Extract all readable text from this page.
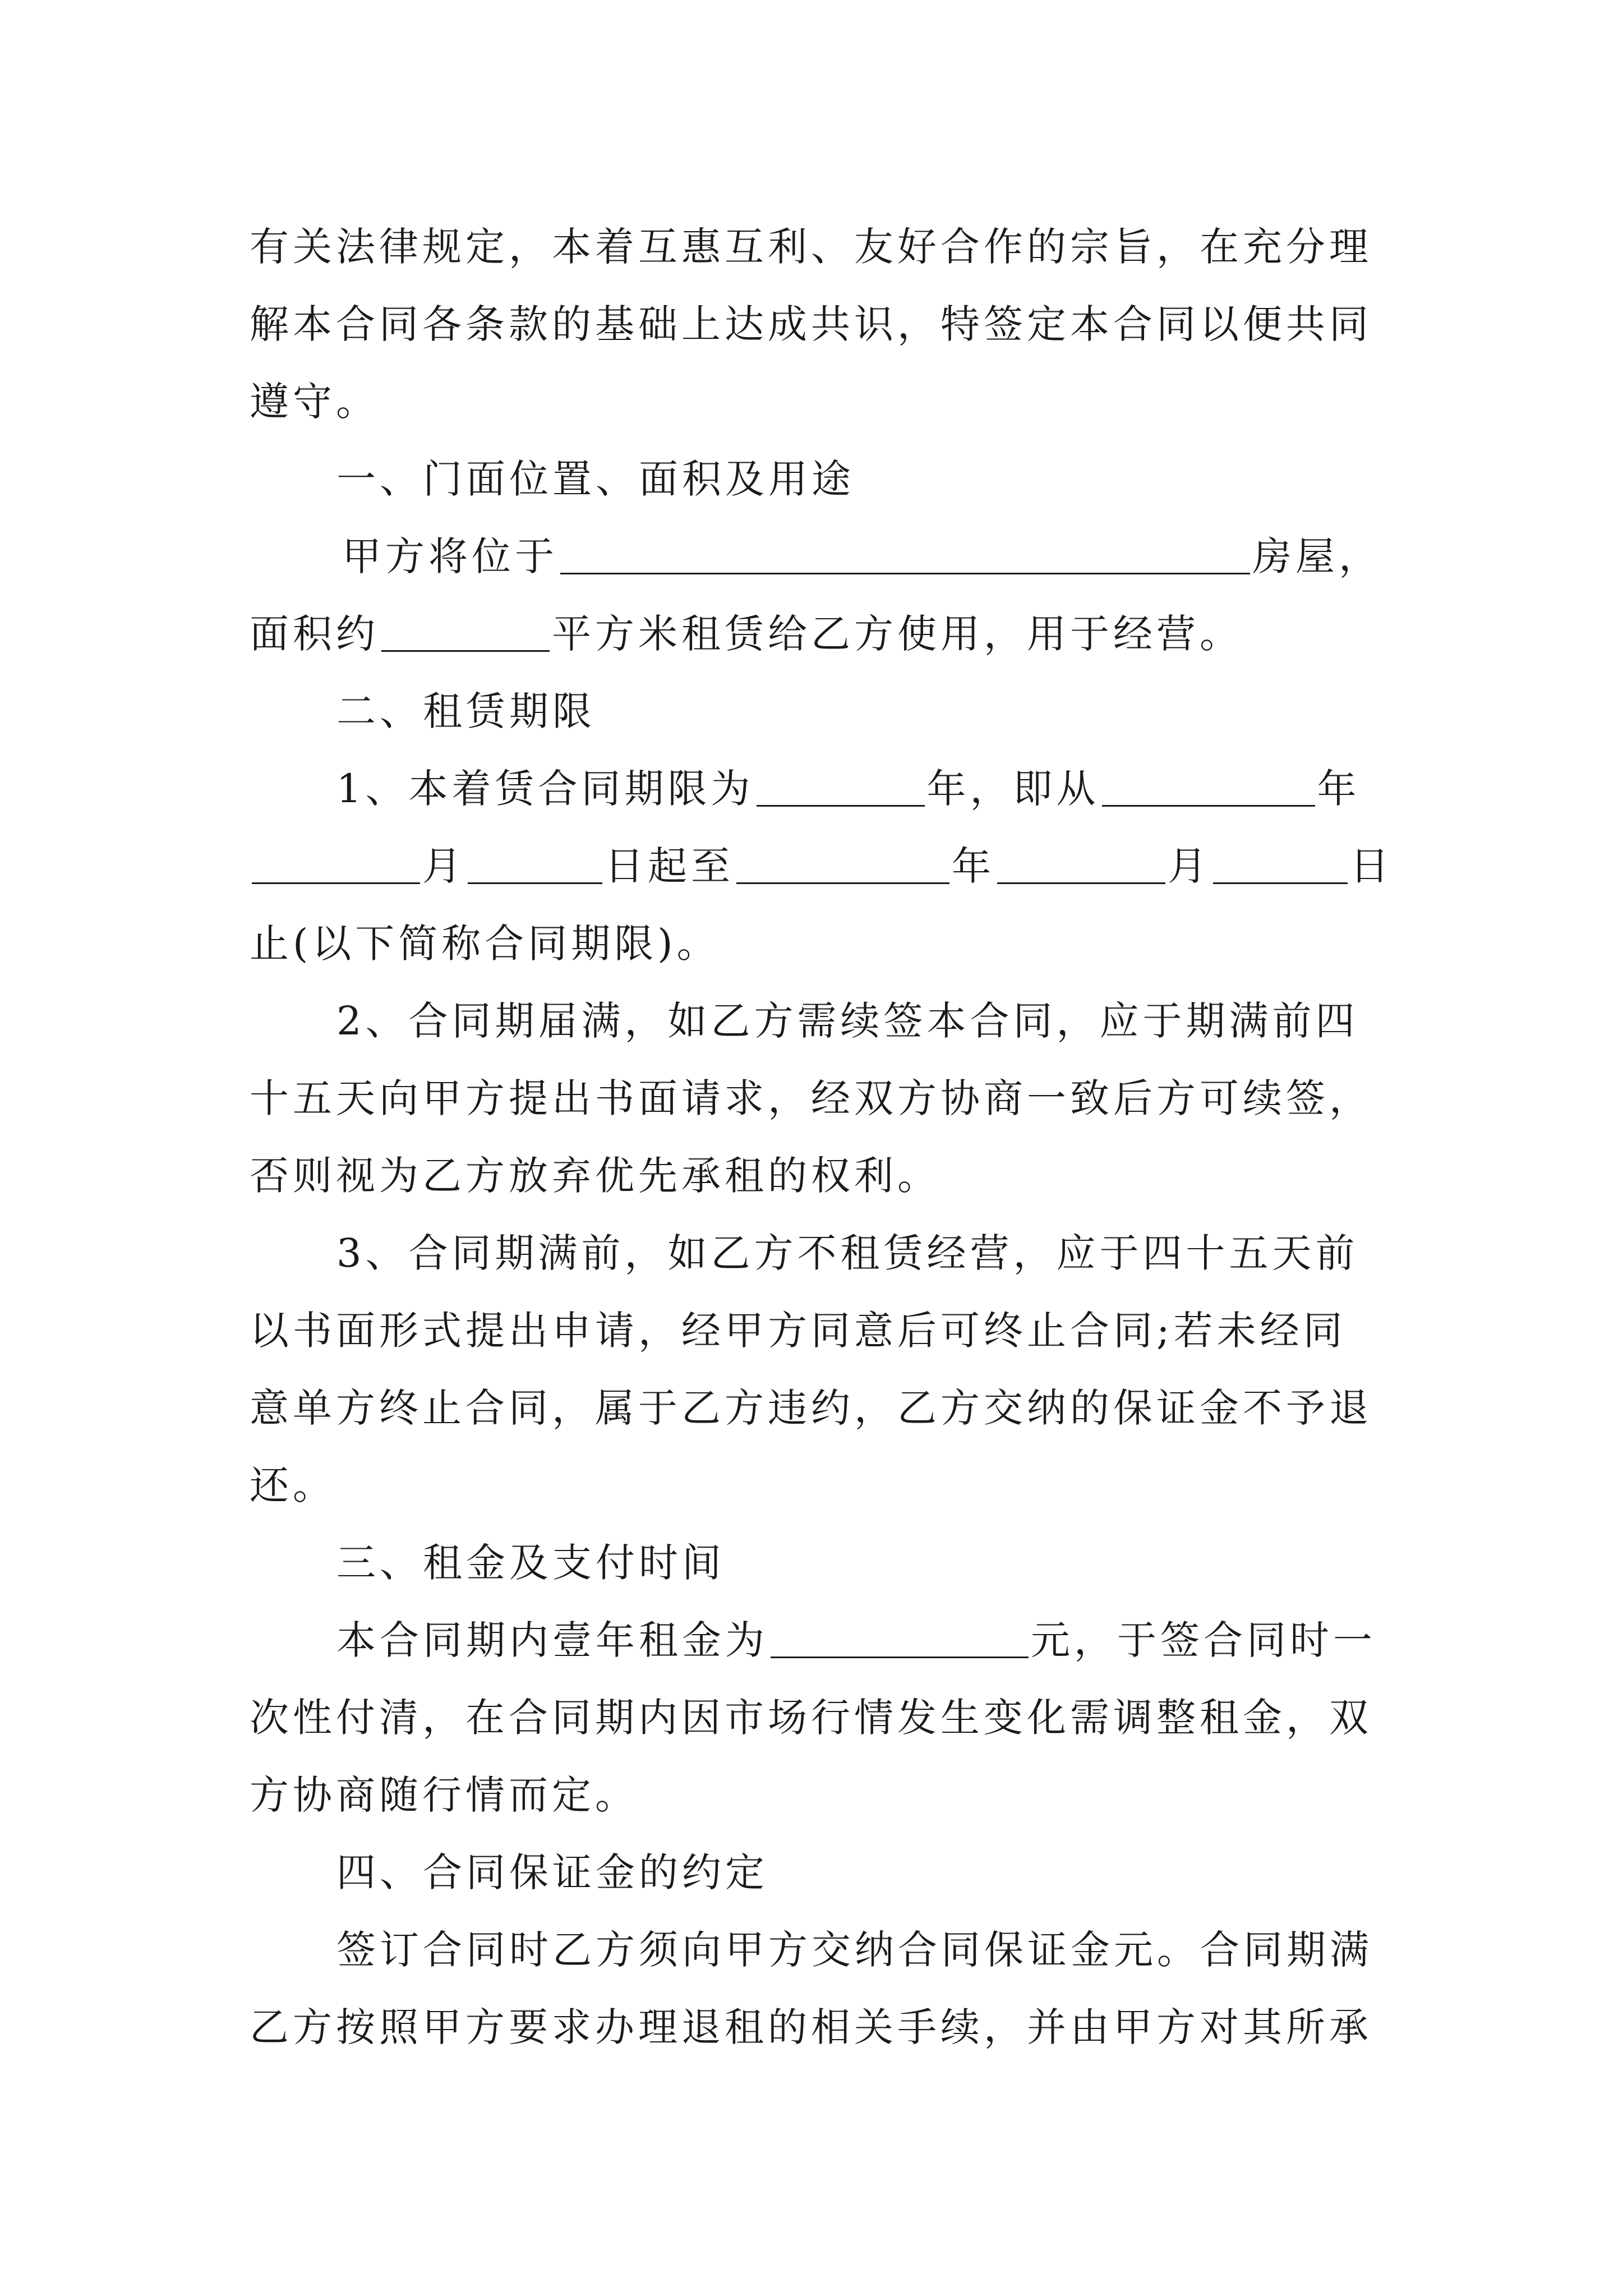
有关法律规定，本着互惠互利、友好合作的宗旨，在充分理
解本合同各条款的基础上达成共识，特签定本合同以便共同
遵守。
一、门面位置、面积及用途
甲方将位于	房屋，
面积约	平方米租赁给乙方使用，用于经营。
二、租赁期限
1、本着赁合同期限为	年，即从	年
月	日起至	年	月	日
止(以下简称合同期限)。
2、合同期届满，如乙方需续签本合同，应于期满前四
十五天向甲方提出书面请求，经双方协商一致后方可续签，
否则视为乙方放弃优先承租的权利。
3、合同期满前，如乙方不租赁经营，应于四十五天前
以书面形式提出申请，经甲方同意后可终止合同;若未经同
意单方终止合同，属于乙方违约，乙方交纳的保证金不予退
还。
三、租金及支付时间
本合同期内壹年租金为	元，于签合同时一
次性付清，在合同期内因市场行情发生变化需调整租金，双
方协商随行情而定。
四、合同保证金的约定
签订合同时乙方须向甲方交纳合同保证金元。合同期满
乙方按照甲方要求办理退租的相关手续，并由甲方对其所承
